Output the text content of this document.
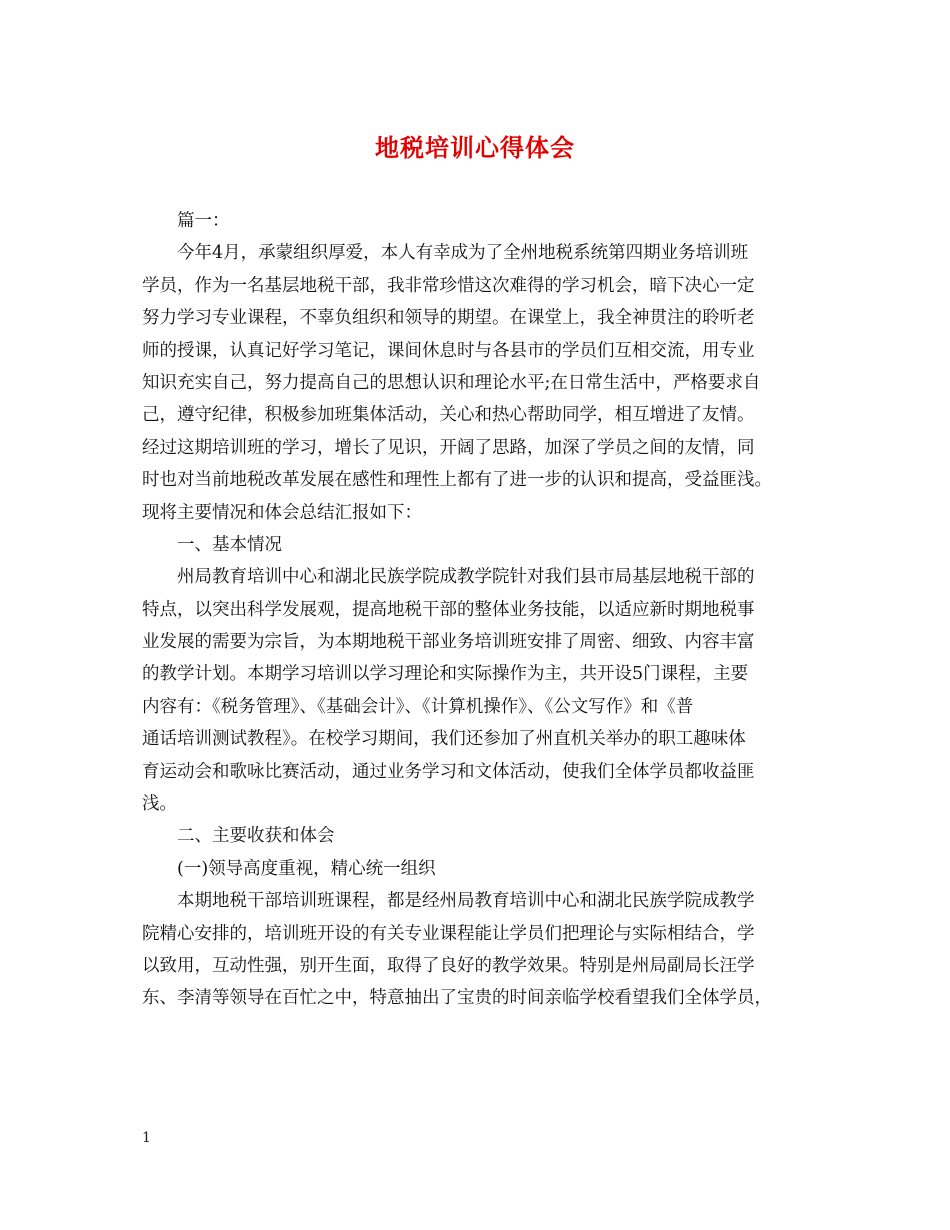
地税培训心得体会
篇一：
今年4月，承蒙组织厚爱，本人有幸成为了全州地税系统第四期业务培训班
学员，作为一名基层地税干部，我非常珍惜这次难得的学习机会，暗下决心一定
努力学习专业课程，不辜负组织和领导的期望。在课堂上，我全神贯注的聆听老
师的授课，认真记好学习笔记，课间休息时与各县市的学员们互相交流，用专业
知识充实自己，努力提高自己的思想认识和理论水平;在日常生活中，严格要求自
己，遵守纪律，积极参加班集体活动，关心和热心帮助同学，相互增进了友情。
经过这期培训班的学习，增长了见识，开阔了思路，加深了学员之间的友情，同
时也对当前地税改革发展在感性和理性上都有了进一步的认识和提高，受益匪浅。
现将主要情况和体会总结汇报如下：
一、基本情况
州局教育培训中心和湖北民族学院成教学院针对我们县市局基层地税干部的
特点，以突出科学发展观，提高地税干部的整体业务技能，以适应新时期地税事
业发展的需要为宗旨，为本期地税干部业务培训班安排了周密、细致、内容丰富
的教学计划。本期学习培训以学习理论和实际操作为主，共开设5门课程，主要
内容有：《税务管理》、《基础会计》、《计算机操作》、《公文写作》和《普
通话培训测试教程》。在校学习期间，我们还参加了州直机关举办的职工趣味体
育运动会和歌咏比赛活动，通过业务学习和文体活动，使我们全体学员都收益匪
浅。
二、主要收获和体会
(一)领导高度重视，精心统一组织
本期地税干部培训班课程，都是经州局教育培训中心和湖北民族学院成教学
院精心安排的，培训班开设的有关专业课程能让学员们把理论与实际相结合，学
以致用，互动性强，别开生面，取得了良好的教学效果。特别是州局副局长汪学
东、李清等领导在百忙之中，特意抽出了宝贵的时间亲临学校看望我们全体学员，
1
